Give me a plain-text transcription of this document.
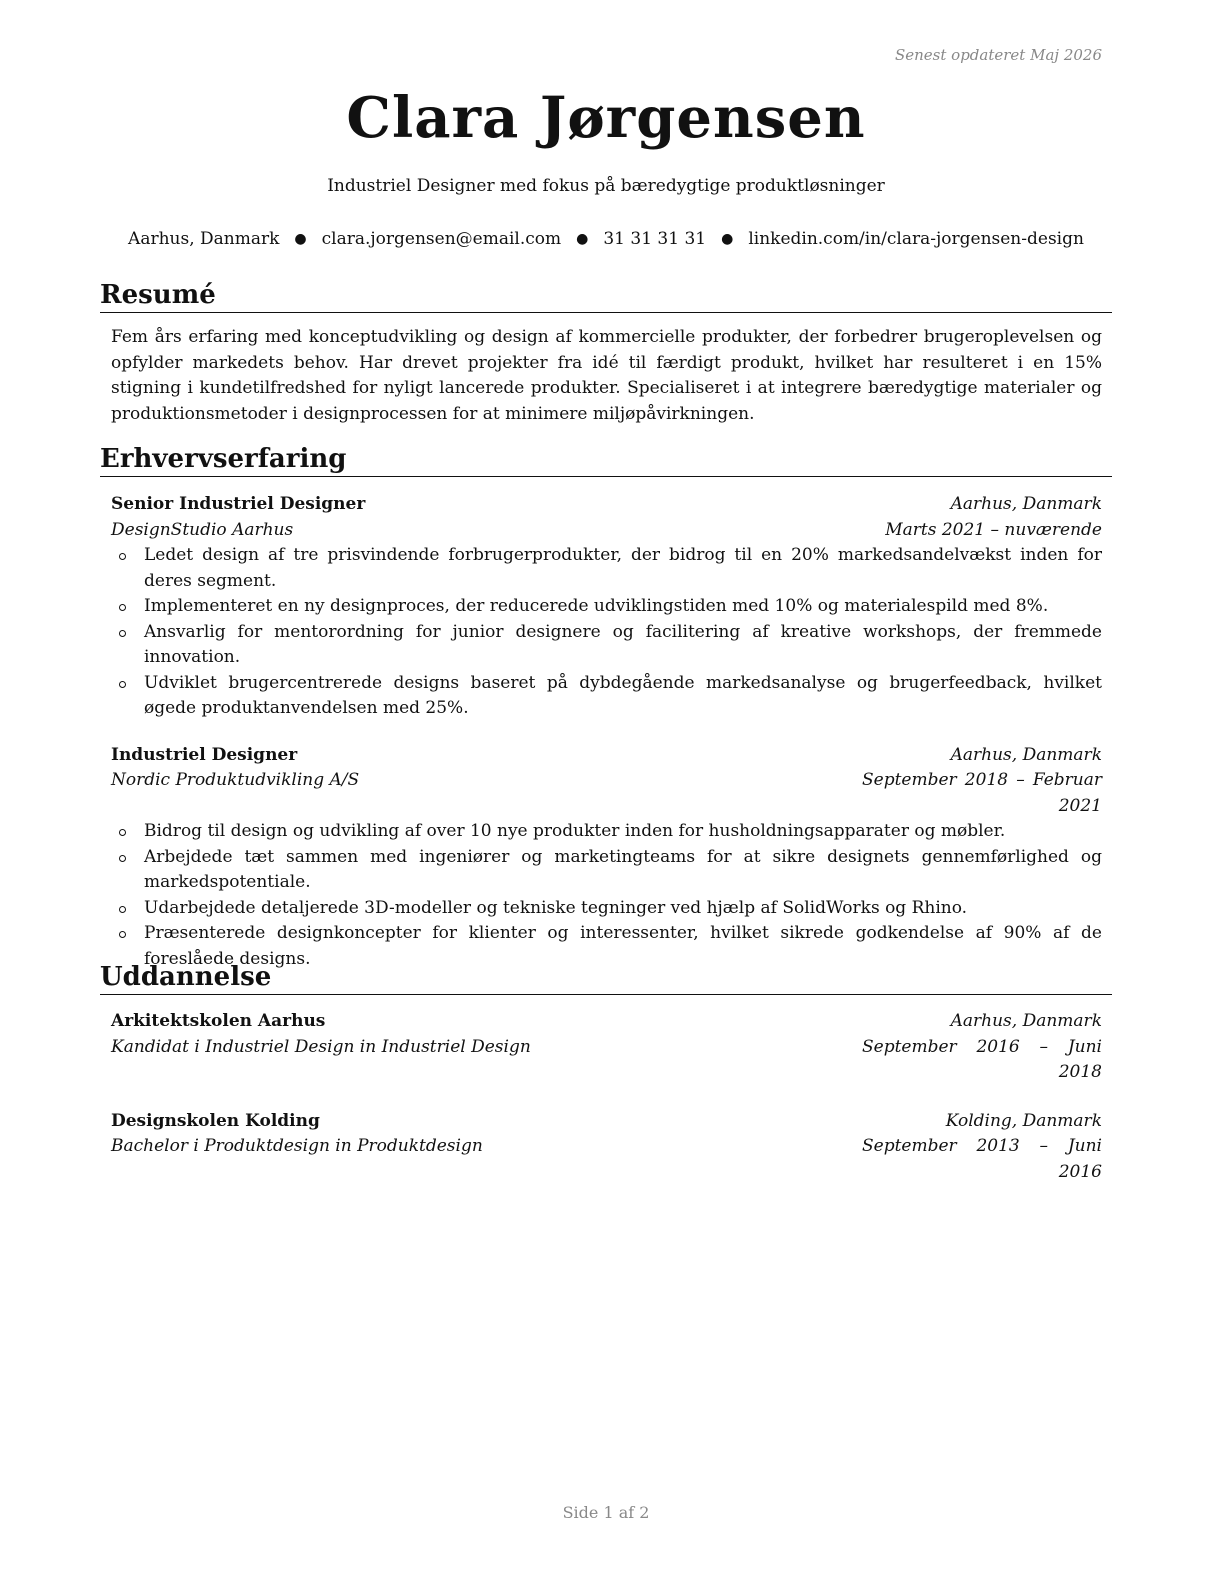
Senest opdateret Maj 2026
Clara Jørgensen
Industriel Designer med fokus på bæredygtige produktløsninger
Aarhus, Danmark ● clara.jorgensen@email.com ● 31 31 31 31 ● linkedin.com/in/clara-jorgensen-design
Resumé
Fem års erfaring med konceptudvikling og design af kommercielle produkter, der forbedrer brugeroplevelsen og opfylder markedets behov. Har drevet projekter fra idé til færdigt produkt, hvilket har resulteret i en 15% stigning i kundetilfredshed for nyligt lancerede produkter. Specialiseret i at integrere bæredygtige materialer og produktionsmetoder i designprocessen for at minimere miljøpåvirkningen.
Erhvervserfaring
Senior Industriel Designer	Aarhus, Danmark
DesignStudio Aarhus	Marts 2021 – nuværende
Ledet design af tre prisvindende forbrugerprodukter, der bidrog til en 20% markedsandelvækst inden for deres segment.
Implementeret en ny designproces, der reducerede udviklingstiden med 10% og materialespild med 8%.
Ansvarlig for mentorordning for junior designere og facilitering af kreative workshops, der fremmede innovation.
Udviklet brugercentrerede designs baseret på dybdegående markedsanalyse og brugerfeedback, hvilket øgede produktanvendelsen med 25%.
Industriel Designer	Aarhus, Danmark
Nordic Produktudvikling A/S	September 2018 – Februar 2021
Bidrog til design og udvikling af over 10 nye produkter inden for husholdningsapparater og møbler.
Arbejdede tæt sammen med ingeniører og marketingteams for at sikre designets gennemførlighed og markedspotentiale.
Udarbejdede detaljerede 3D-modeller og tekniske tegninger ved hjælp af SolidWorks og Rhino.
Præsenterede designkoncepter for klienter og interessenter, hvilket sikrede godkendelse af 90% af de foreslåede designs.
Uddannelse
Arkitektskolen Aarhus	Aarhus, Danmark
Kandidat i Industriel Design in Industriel Design	September 2016 – Juni 2018
Designskolen Kolding	Kolding, Danmark
Bachelor i Produktdesign in Produktdesign	September 2013 – Juni 2016
Side 1 af 2
